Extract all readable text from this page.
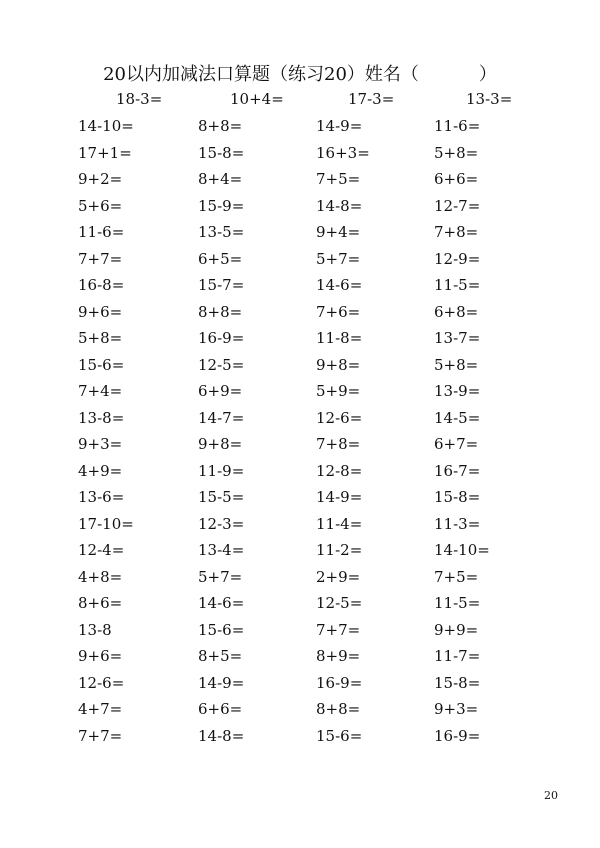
20以内加减法口算题（练习20）姓名（	）
18-3=	10+4=	17-3=	13-3=
14-10=	8+8=	14-9=	11-6=
17+1=	15-8=	16+3=	5+8=
9+2=	8+4=	7+5=	6+6=
5+6=	15-9=	14-8=	12-7=
11-6=	13-5=	9+4=	7+8=
7+7=	6+5=	5+7=	12-9=
16-8=	15-7=	14-6=	11-5=
9+6=	8+8=	7+6=	6+8=
5+8=	16-9=	11-8=	13-7=
15-6=	12-5=	9+8=	5+8=
7+4=	6+9=	5+9=	13-9=
13-8=	14-7=	12-6=	14-5=
9+3=	9+8=	7+8=	6+7=
4+9=	11-9=	12-8=	16-7=
13-6=	15-5=	14-9=	15-8=
17-10=	12-3=	11-4=	11-3=
12-4=	13-4=	11-2=	14-10=
4+8=	5+7=	2+9=	7+5=
8+6=	14-6=	12-5=	11-5=
13-8	15-6=	7+7=	9+9=
9+6=	8+5=	8+9=	11-7=
12-6=	14-9=	16-9=	15-8=
4+7=	6+6=	8+8=	9+3=
7+7=	14-8=	15-6=	16-9=
20
